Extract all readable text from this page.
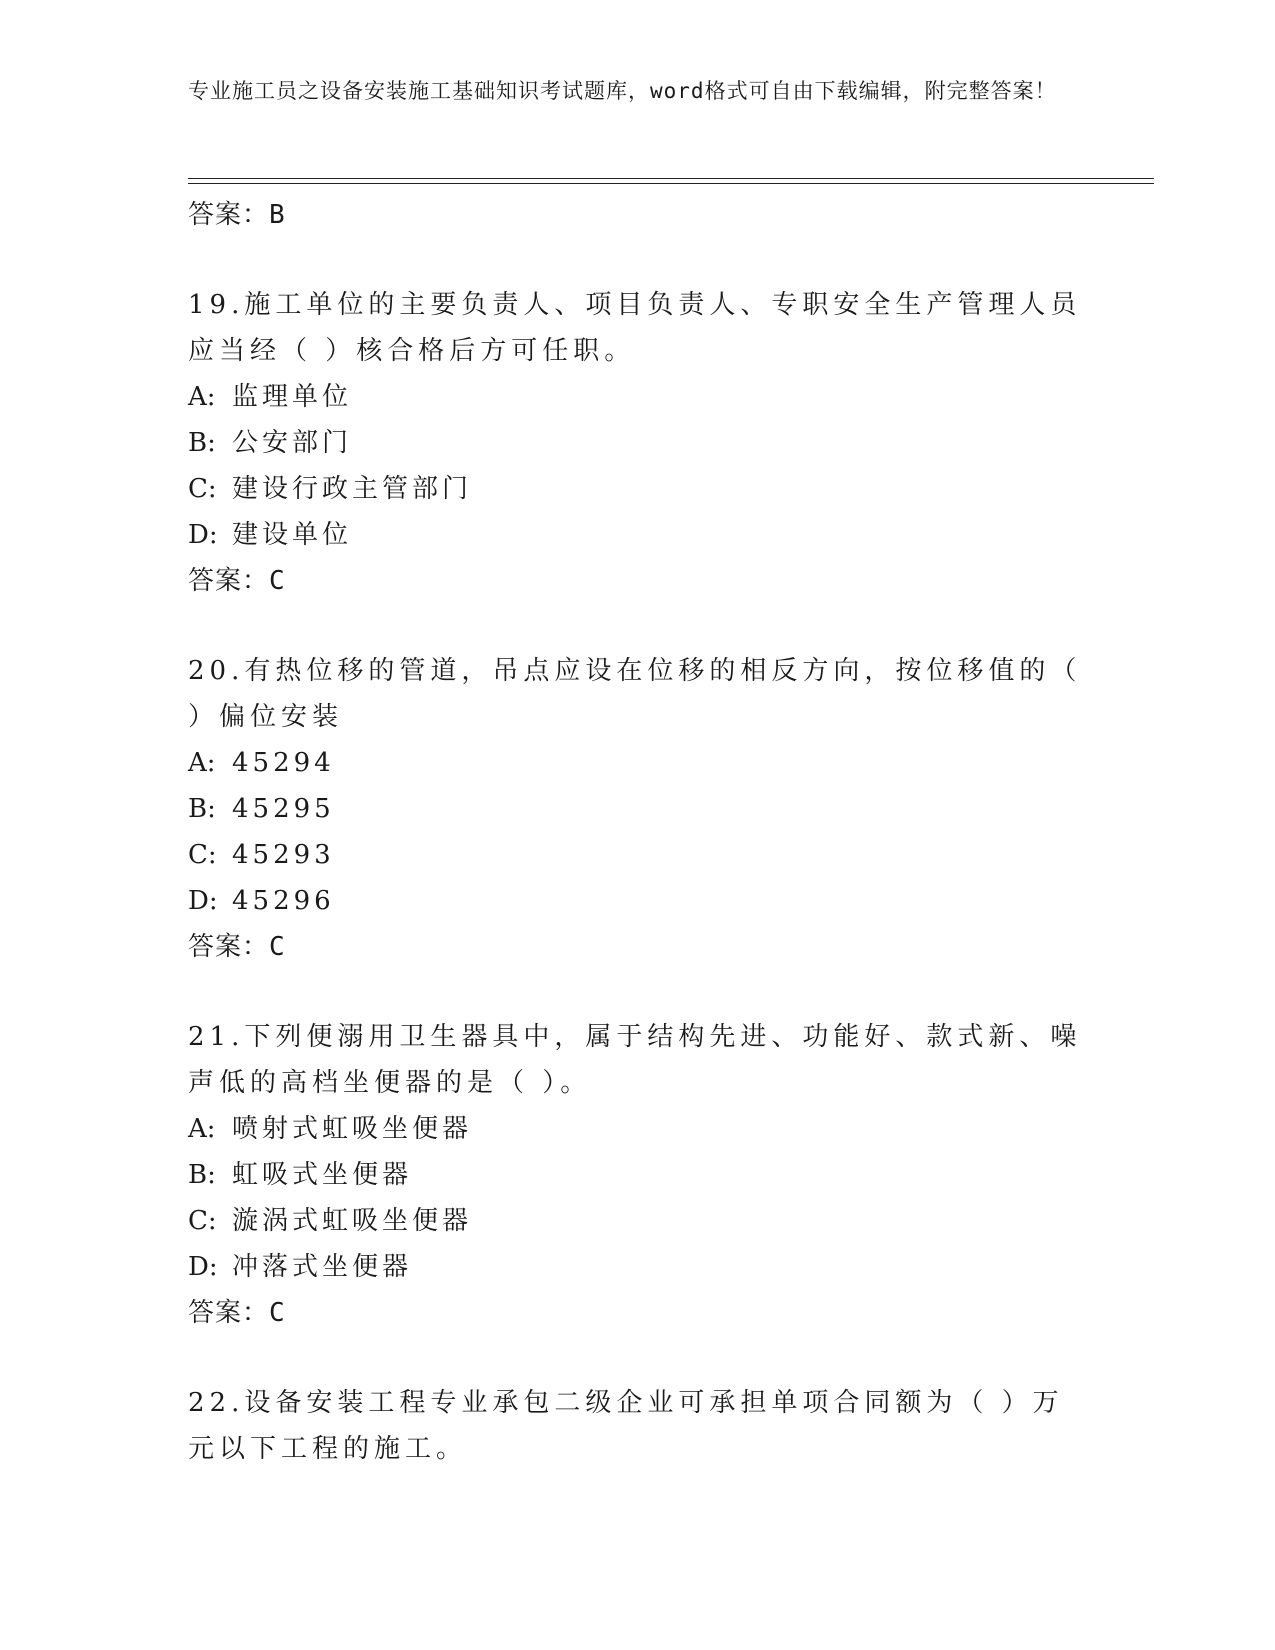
专业施工员之设备安装施工基础知识考试题库，word格式可自由下载编辑，附完整答案！

答案：B

19.施工单位的主要负责人、项目负责人、专职安全生产管理人员应当经（ ）核合格后方可任职。

A: 监理单位

B: 公安部门

C: 建设行政主管部门

D: 建设单位

答案：C

20.有热位移的管道，吊点应设在位移的相反方向，按位移值的（ ）偏位安装

A: 45294

B: 45295

C: 45293

D: 45296

答案：C

21.下列便溺用卫生器具中，属于结构先进、功能好、款式新、噪声低的高档坐便器的是（ ）。

A: 喷射式虹吸坐便器

B: 虹吸式坐便器

C: 漩涡式虹吸坐便器

D: 冲落式坐便器

答案：C

22.设备安装工程专业承包二级企业可承担单项合同额为（ ）万元以下工程的施工。
